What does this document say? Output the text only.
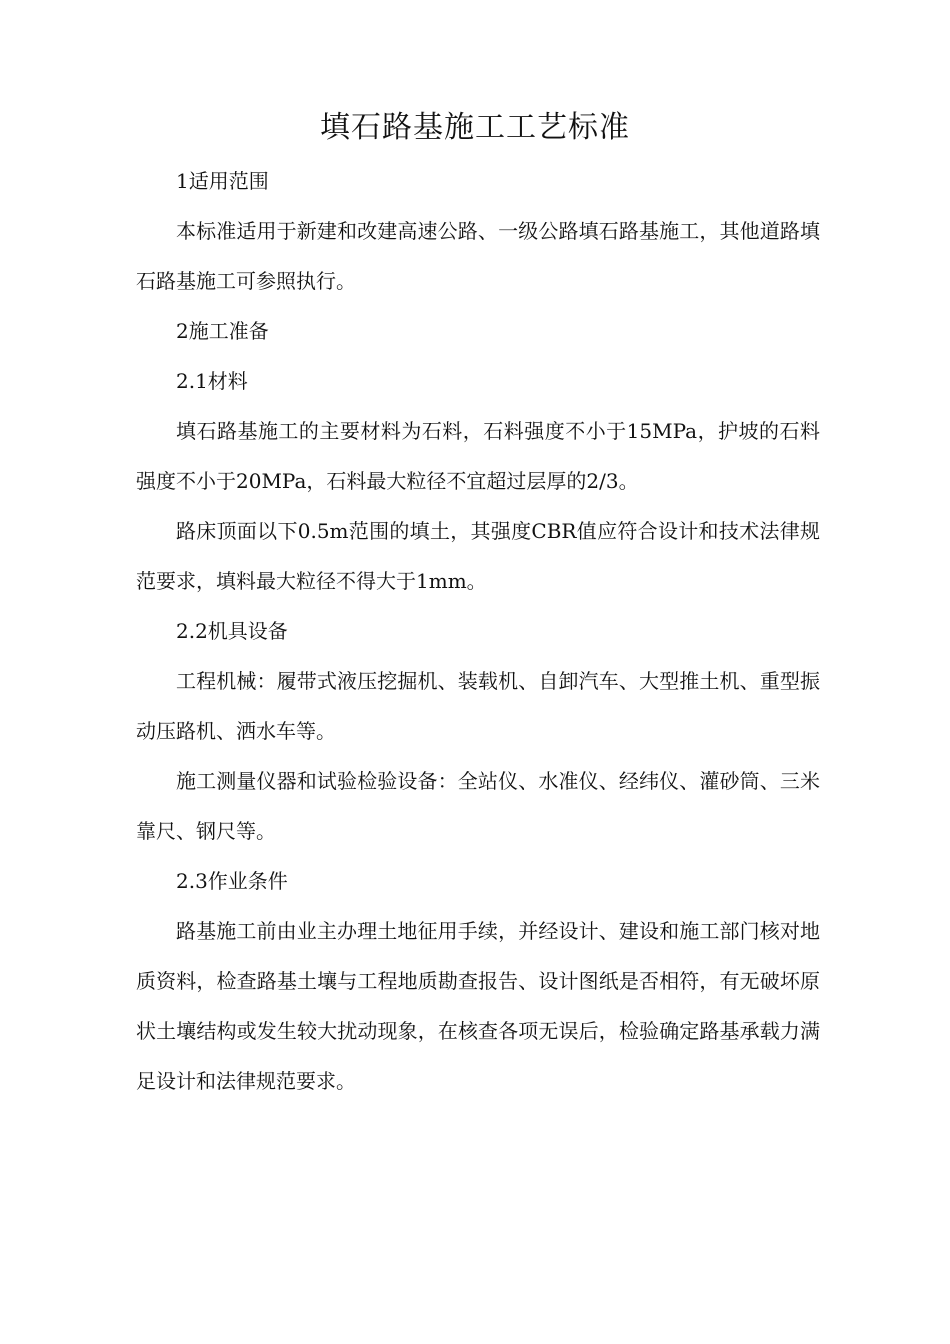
填石路基施工工艺标准

1适用范围

本标准适用于新建和改建高速公路、一级公路填石路基施工，其他道路填石路基施工可参照执行。

2施工准备

2.1材料

填石路基施工的主要材料为石料，石料强度不小于15MPa，护坡的石料强度不小于20MPa，石料最大粒径不宜超过层厚的2/3。

路床顶面以下0.5m范围的填土，其强度CBR值应符合设计和技术法律规范要求，填料最大粒径不得大于1mm。

2.2机具设备

工程机械：履带式液压挖掘机、装载机、自卸汽车、大型推土机、重型振动压路机、洒水车等。

施工测量仪器和试验检验设备：全站仪、水准仪、经纬仪、灌砂筒、三米靠尺、钢尺等。

2.3作业条件

路基施工前由业主办理土地征用手续，并经设计、建设和施工部门核对地质资料，检查路基土壤与工程地质勘查报告、设计图纸是否相符，有无破坏原状土壤结构或发生较大扰动现象，在核查各项无误后，检验确定路基承载力满足设计和法律规范要求。
